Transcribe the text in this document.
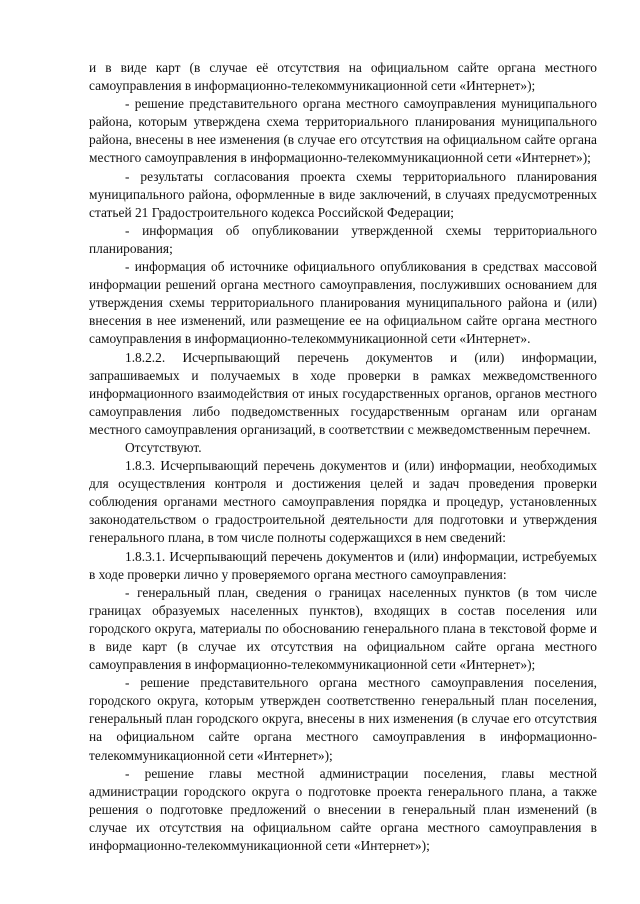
и в виде карт (в случае её отсутствия на официальном сайте органа местного самоуправления в информационно-телекоммуникационной сети «Интернет»);

- решение представительного органа местного самоуправления муниципального района, которым утверждена схема территориального планирования муниципального района, внесены в нее изменения (в случае его отсутствия на официальном сайте органа местного самоуправления в информационно-телекоммуникационной сети «Интернет»);

- результаты согласования проекта схемы территориального планирования муниципального района, оформленные в виде заключений, в случаях предусмотренных статьей 21 Градостроительного кодекса Российской Федерации;

- информация об опубликовании утвержденной схемы территориального планирования;

- информация об источнике официального опубликования в средствах массовой информации решений органа местного самоуправления, послуживших основанием для утверждения схемы территориального планирования муниципального района и (или) внесения в нее изменений, или размещение ее на официальном сайте органа местного самоуправления в информационно-телекоммуникационной сети «Интернет».

1.8.2.2. Исчерпывающий перечень документов и (или) информации, запрашиваемых и получаемых в ходе проверки в рамках межведомственного информационного взаимодействия от иных государственных органов, органов местного самоуправления либо подведомственных государственным органам или органам местного самоуправления организаций, в соответствии с межведомственным перечнем.

Отсутствуют.

1.8.3. Исчерпывающий перечень документов и (или) информации, необходимых для осуществления контроля и достижения целей и задач проведения проверки соблюдения органами местного самоуправления порядка и процедур, установленных законодательством о градостроительной деятельности для подготовки и утверждения генерального плана, в том числе полноты содержащихся в нем сведений:

1.8.3.1. Исчерпывающий перечень документов и (или) информации, истребуемых в ходе проверки лично у проверяемого органа местного самоуправления:

- генеральный план, сведения о границах населенных пунктов (в том числе границах образуемых населенных пунктов), входящих в состав поселения или городского округа, материалы по обоснованию генерального плана в текстовой форме и в виде карт (в случае их отсутствия на официальном сайте органа местного самоуправления в информационно-телекоммуникационной сети «Интернет»);

- решение представительного органа местного самоуправления поселения, городского округа, которым утвержден соответственно генеральный план поселения, генеральный план городского округа, внесены в них изменения (в случае его отсутствия на официальном сайте органа местного самоуправления в информационно-телекоммуникационной сети «Интернет»);

- решение главы местной администрации поселения, главы местной администрации городского округа о подготовке проекта генерального плана, а также решения о подготовке предложений о внесении в генеральный план изменений (в случае их отсутствия на официальном сайте органа местного самоуправления в информационно-телекоммуникационной сети «Интернет»);
